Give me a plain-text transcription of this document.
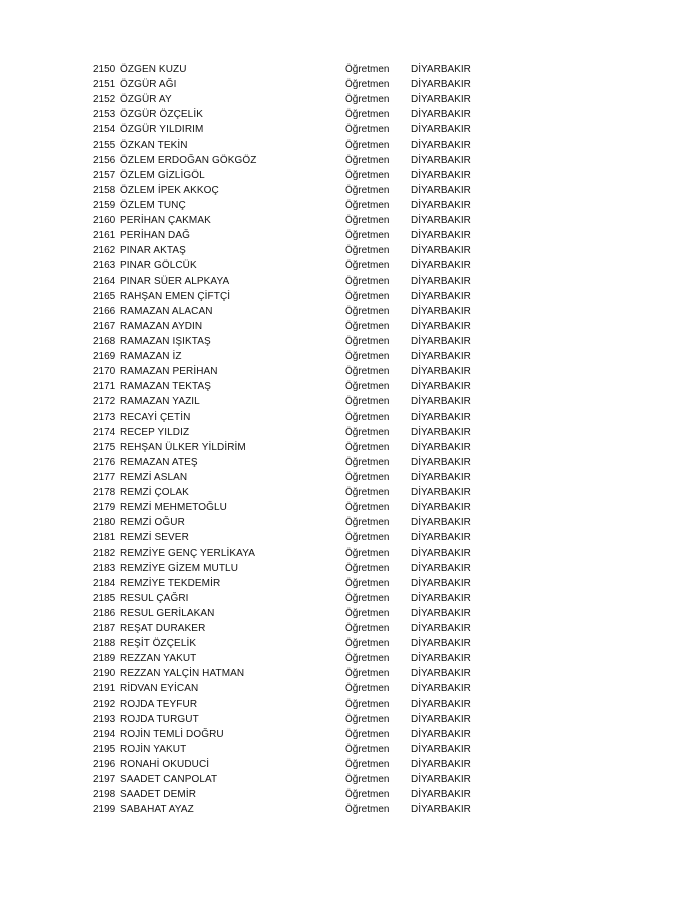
2150 ÖZGEN KUZU	Öğretmen DİYARBAKIR
2151 ÖZGÜR AĞI	Öğretmen DİYARBAKIR
2152 ÖZGÜR AY	Öğretmen DİYARBAKIR
2153 ÖZGÜR ÖZÇELİK	Öğretmen DİYARBAKIR
2154 ÖZGÜR YILDIRIM	Öğretmen DİYARBAKIR
2155 ÖZKAN TEKİN	Öğretmen DİYARBAKIR
2156 ÖZLEM ERDOĞAN GÖKGÖZ	Öğretmen DİYARBAKIR
2157 ÖZLEM GİZLİGÖL	Öğretmen DİYARBAKIR
2158 ÖZLEM İPEK AKKOÇ	Öğretmen DİYARBAKIR
2159 ÖZLEM TUNÇ	Öğretmen DİYARBAKIR
2160 PERİHAN ÇAKMAK	Öğretmen DİYARBAKIR
2161 PERİHAN DAĞ	Öğretmen DİYARBAKIR
2162 PINAR AKTAŞ	Öğretmen DİYARBAKIR
2163 PINAR GÖLCÜK	Öğretmen DİYARBAKIR
2164 PINAR SÜER ALPKAYA	Öğretmen DİYARBAKIR
2165 RAHŞAN EMEN ÇİFTÇİ	Öğretmen DİYARBAKIR
2166 RAMAZAN ALACAN	Öğretmen DİYARBAKIR
2167 RAMAZAN AYDIN	Öğretmen DİYARBAKIR
2168 RAMAZAN IŞIKTAŞ	Öğretmen DİYARBAKIR
2169 RAMAZAN İZ	Öğretmen DİYARBAKIR
2170 RAMAZAN PERİHAN	Öğretmen DİYARBAKIR
2171 RAMAZAN TEKTAŞ	Öğretmen DİYARBAKIR
2172 RAMAZAN YAZIL	Öğretmen DİYARBAKIR
2173 RECAYİ ÇETİN	Öğretmen DİYARBAKIR
2174 RECEP YILDIZ	Öğretmen DİYARBAKIR
2175 REHŞAN ÜLKER YİLDİRİM	Öğretmen DİYARBAKIR
2176 REMAZAN ATEŞ	Öğretmen DİYARBAKIR
2177 REMZİ ASLAN	Öğretmen DİYARBAKIR
2178 REMZİ ÇOLAK	Öğretmen DİYARBAKIR
2179 REMZİ MEHMETOĞLU	Öğretmen DİYARBAKIR
2180 REMZİ OĞUR	Öğretmen DİYARBAKIR
2181 REMZİ SEVER	Öğretmen DİYARBAKIR
2182 REMZİYE GENÇ YERLİKAYA	Öğretmen DİYARBAKIR
2183 REMZİYE GİZEM MUTLU	Öğretmen DİYARBAKIR
2184 REMZİYE TEKDEMİR	Öğretmen DİYARBAKIR
2185 RESUL ÇAĞRI	Öğretmen DİYARBAKIR
2186 RESUL GERİLAKAN	Öğretmen DİYARBAKIR
2187 REŞAT DURAKER	Öğretmen DİYARBAKIR
2188 REŞİT ÖZÇELİK	Öğretmen DİYARBAKIR
2189 REZZAN YAKUT	Öğretmen DİYARBAKIR
2190 REZZAN YALÇİN HATMAN	Öğretmen DİYARBAKIR
2191 RİDVAN EYİCAN	Öğretmen DİYARBAKIR
2192 ROJDA TEYFUR	Öğretmen DİYARBAKIR
2193 ROJDA TURGUT	Öğretmen DİYARBAKIR
2194 ROJİN TEMLİ DOĞRU	Öğretmen DİYARBAKIR
2195 ROJİN YAKUT	Öğretmen DİYARBAKIR
2196 RONAHİ OKUDUCİ	Öğretmen DİYARBAKIR
2197 SAADET CANPOLAT	Öğretmen DİYARBAKIR
2198 SAADET DEMİR	Öğretmen DİYARBAKIR
2199 SABAHAT AYAZ	Öğretmen DİYARBAKIR
